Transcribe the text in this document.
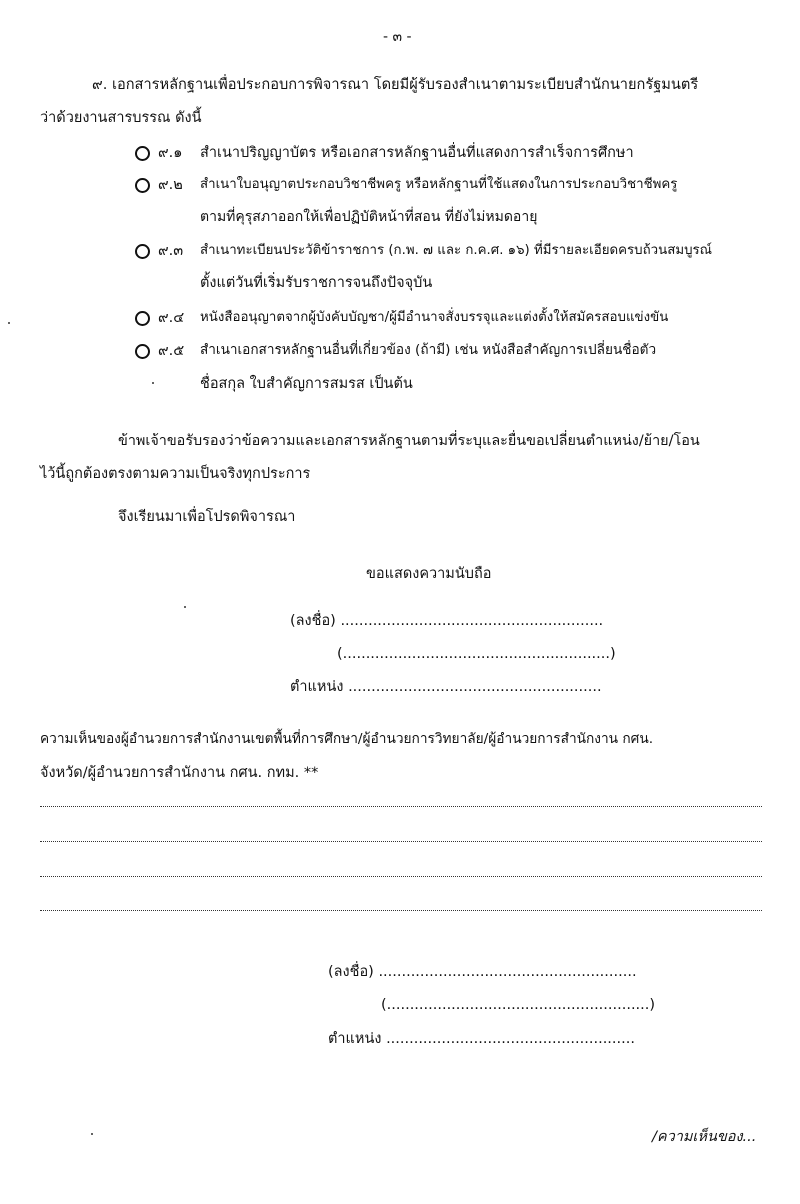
- ๓ -
๙. เอกสารหลักฐานเพื่อประกอบการพิจารณา โดยมีผู้รับรองสำเนาตามระเบียบสำนักนายกรัฐมนตรี
ว่าด้วยงานสารบรรณ ดังนี้
๙.๑ สำเนาปริญญาบัตร หรือเอกสารหลักฐานอื่นที่แสดงการสำเร็จการศึกษา
๙.๒ สำเนาใบอนุญาตประกอบวิชาชีพครู หรือหลักฐานที่ใช้แสดงในการประกอบวิชาชีพครู
ตามที่คุรุสภาออกให้เพื่อปฏิบัติหน้าที่สอน ที่ยังไม่หมดอายุ
๙.๓ สำเนาทะเบียนประวัติข้าราชการ (ก.พ. ๗ และ ก.ค.ศ. ๑๖) ที่มีรายละเอียดครบถ้วนสมบูรณ์
ตั้งแต่วันที่เริ่มรับราชการจนถึงปัจจุบัน
๙.๔ หนังสืออนุญาตจากผู้บังคับบัญชา/ผู้มีอำนาจสั่งบรรจุและแต่งตั้งให้สมัครสอบแข่งขัน
๙.๕ สำเนาเอกสารหลักฐานอื่นที่เกี่ยวข้อง (ถ้ามี) เช่น หนังสือสำคัญการเปลี่ยนชื่อตัว
ชื่อสกุล ใบสำคัญการสมรส เป็นต้น
ข้าพเจ้าขอรับรองว่าข้อความและเอกสารหลักฐานตามที่ระบุและยื่นขอเปลี่ยนตำแหน่ง/ย้าย/โอน
ไว้นี้ถูกต้องตรงตามความเป็นจริงทุกประการ
จึงเรียนมาเพื่อโปรดพิจารณา
ขอแสดงความนับถือ
(ลงชื่อ) .........................................................
(..........................................................)
ตำแหน่ง .......................................................
ความเห็นของผู้อำนวยการสำนักงานเขตพื้นที่การศึกษา/ผู้อำนวยการวิทยาลัย/ผู้อำนวยการสำนักงาน กศน.
จังหวัด/ผู้อำนวยการสำนักงาน กศน. กทม. **
(ลงชื่อ) ........................................................
(.........................................................)
ตำแหน่ง ......................................................
/ความเห็นของ...
